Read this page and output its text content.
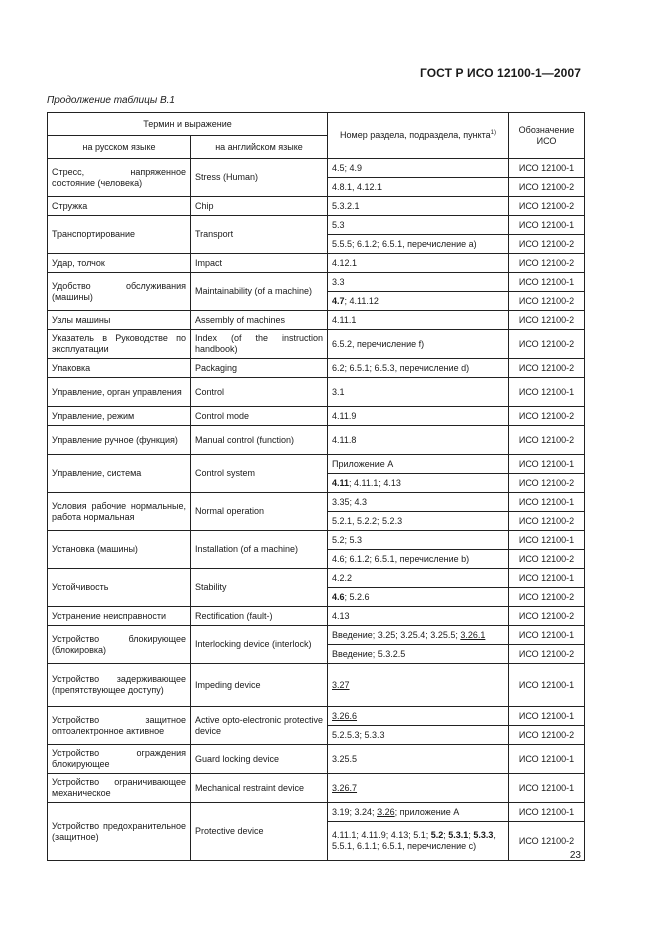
ГОСТ Р ИСО 12100-1—2007
Продолжение таблицы В.1
Термин и выражение		Номер раздела, подраздела, пункта$^{1)}$	Обозначение ИСО
на русском языке	на английском языке		
Стресс, напряженное состояние (человека)	Stress (Human)	4.5; 4.9	ИСО 12100-1
		4.8.1, 4.12.1	ИСО 12100-2
Стружка	Chip	5.3.2.1	ИСО 12100-2
Транспортирование	Transport	5.3	ИСО 12100-1
		5.5.5; 6.1.2; 6.5.1, перечисление а)	ИСО 12100-2
Удар, толчок	Impact	4.12.1	ИСО 12100-2
Удобство обслуживания (машины)	Maintainability (of a machine)	3.3	ИСО 12100-1
		4.7; 4.11.12	ИСО 12100-2
Узлы машины	Assembly of machines	4.11.1	ИСО 12100-2
Указатель в Руководстве по эксплуатации	Index (of the instruction handbook)	6.5.2, перечисление f)	ИСО 12100-2
Упаковка	Packaging	6.2; 6.5.1; 6.5.3, перечисление d)	ИСО 12100-2
Управление, орган управления	Control	3.1	ИСО 12100-1
Управление, режим	Control mode	4.11.9	ИСО 12100-2
Управление ручное (функция)	Manual control (function)	4.11.8	ИСО 12100-2
Управление, система	Control system	Приложение А	ИСО 12100-1
		4.11; 4.11.1; 4.13	ИСО 12100-2
Условия рабочие нормальные, работа нормальная	Normal operation	3.35; 4.3	ИСО 12100-1
		5.2.1, 5.2.2; 5.2.3	ИСО 12100-2
Установка (машины)	Installation (of a machine)	5.2; 5.3	ИСО 12100-1
		4.6; 6.1.2; 6.5.1, перечисление b)	ИСО 12100-2
Устойчивость	Stability	4.2.2	ИСО 12100-1
		4.6; 5.2.6	ИСО 12100-2
Устранение неисправности	Rectification (fault-)	4.13	ИСО 12100-2
Устройство блокирующее (блокировка)	Interlocking device (interlock)	Введение; 3.25; 3.25.4; 3.25.5; 3.26.1	ИСО 12100-1
		Введение; 5.3.2.5	ИСО 12100-2
Устройство задерживающее (препятствующее доступу)	Impeding device	3.27	ИСО 12100-1
Устройство защитное оптоэлектронное активное	Active opto-electronic protective device	3.26.6	ИСО 12100-1
		5.2.5.3; 5.3.3	ИСО 12100-2
Устройство ограждения блокирующее	Guard locking device	3.25.5	ИСО 12100-1
Устройство ограничивающее механическое	Mechanical restraint device	3.26.7	ИСО 12100-1
Устройство предохранительное (защитное)	Protective device	3.19; 3.24; 3.26; приложение А	ИСО 12100-1
		4.11.1; 4.11.9; 4.13; 5.1; 5.2; 5.3.1; 5.3.3, 5.5.1, 6.1.1; 6.5.1, перечисление c)	ИСО 12100-2
23
